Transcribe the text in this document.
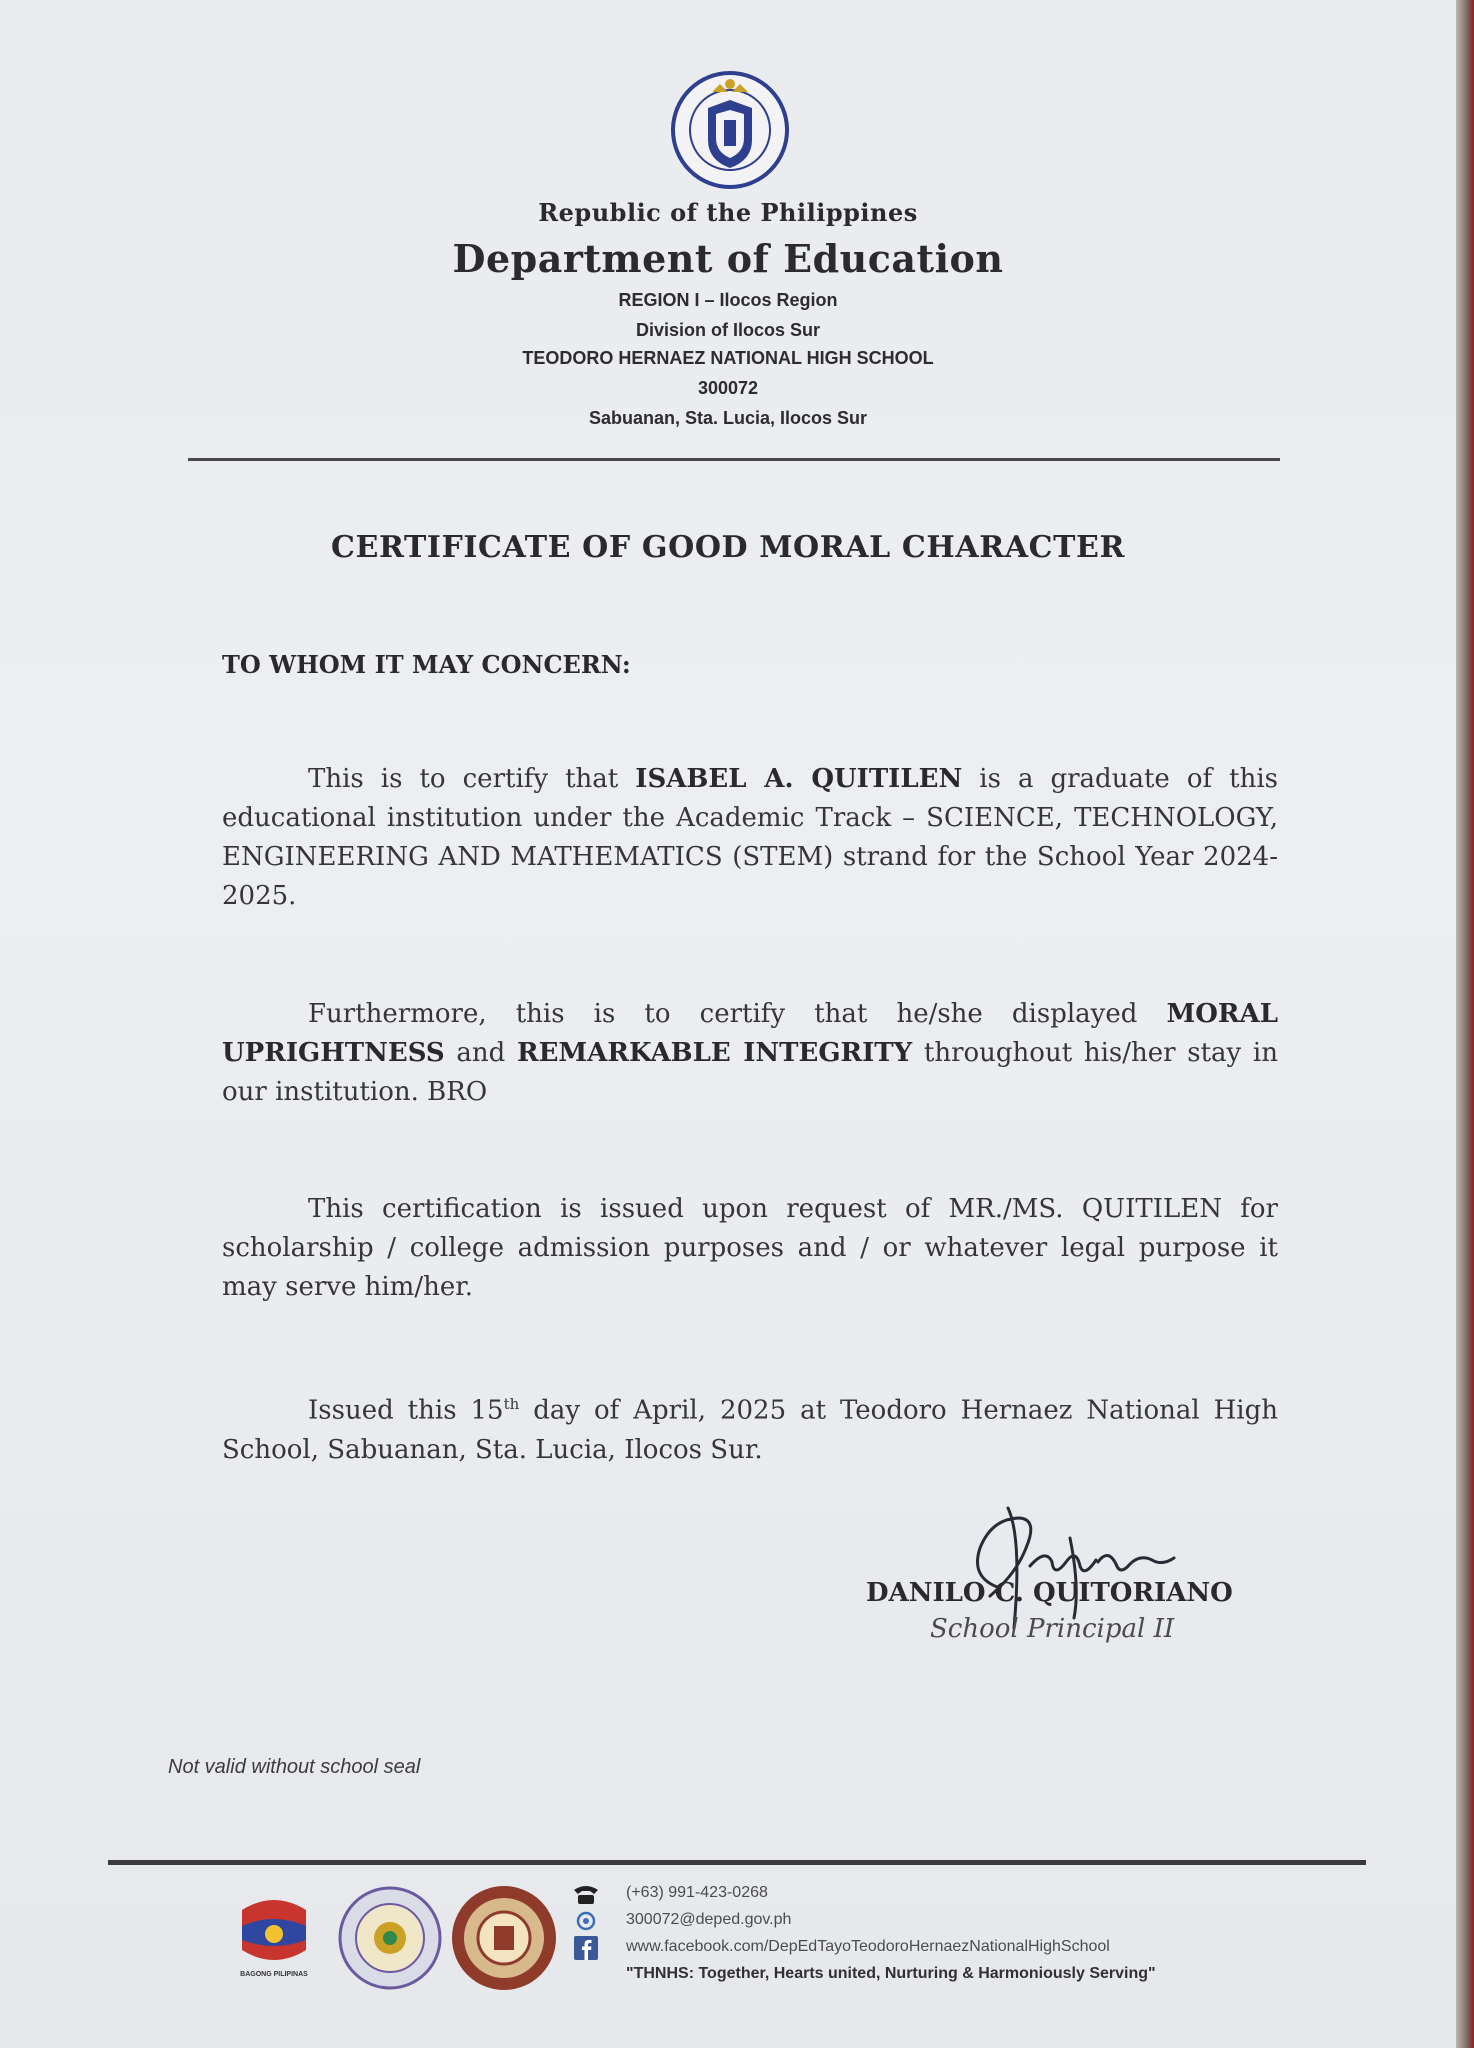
Republic of the Philippines
Department of Education
REGION I – Ilocos Region
Division of Ilocos Sur
TEODORO HERNAEZ NATIONAL HIGH SCHOOL
300072
Sabuanan, Sta. Lucia, Ilocos Sur
CERTIFICATE OF GOOD MORAL CHARACTER
TO WHOM IT MAY CONCERN:
This is to certify that ISABEL A. QUITILEN is a graduate of this educational institution under the Academic Track – SCIENCE, TECHNOLOGY, ENGINEERING AND MATHEMATICS (STEM) strand for the School Year 2024-2025.
Furthermore, this is to certify that he/she displayed MORAL UPRIGHTNESS and REMARKABLE INTEGRITY throughout his/her stay in our institution. BRO
This certification is issued upon request of MR./MS. QUITILEN for scholarship / college admission purposes and / or whatever legal purpose it may serve him/her.
Issued this 15th day of April, 2025 at Teodoro Hernaez National High School, Sabuanan, Sta. Lucia, Ilocos Sur.
DANILO C. QUITORIANO
School Principal II
Not valid without school seal
BAGONG PILIPINAS
(+63) 991-423-0268
300072@deped.gov.ph
www.facebook.com/DepEdTayoTeodoroHernaezNationalHighSchool
"THNHS: Together, Hearts united, Nurturing & Harmoniously Serving"
